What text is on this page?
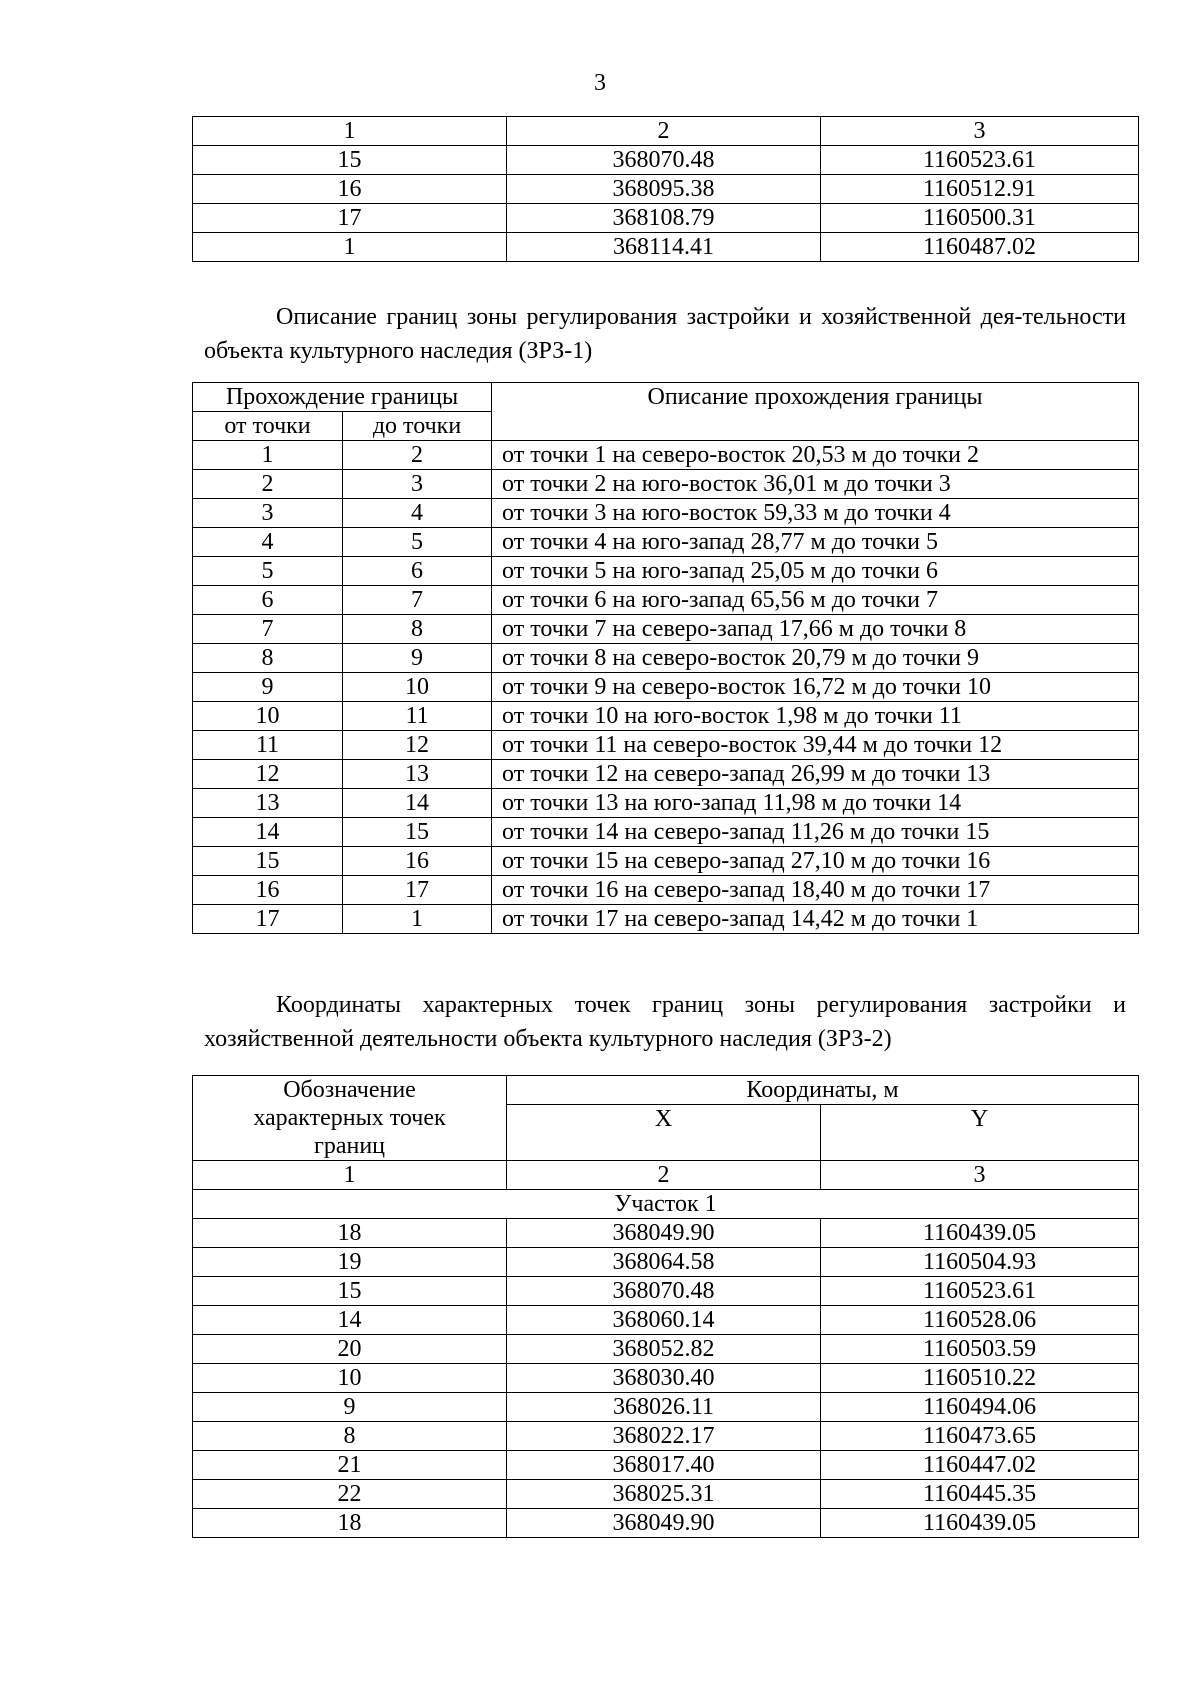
3
1	2	3
15	368070.48	1160523.61
16	368095.38	1160512.91
17	368108.79	1160500.31
1	368114.41	1160487.02
Описание границ зоны регулирования застройки и хозяйственной дея-тельности объекта культурного наследия (ЗРЗ-1)
Прохождение границы		Описание прохождения границы
от точки	до точки	
1	2	от точки 1 на северо-восток 20,53 м до точки 2
2	3	от точки 2 на юго-восток 36,01 м до точки 3
3	4	от точки 3 на юго-восток 59,33 м до точки 4
4	5	от точки 4 на юго-запад 28,77 м до точки 5
5	6	от точки 5 на юго-запад 25,05 м до точки 6
6	7	от точки 6 на юго-запад 65,56 м до точки 7
7	8	от точки 7 на северо-запад 17,66 м до точки 8
8	9	от точки 8 на северо-восток 20,79 м до точки 9
9	10	от точки 9 на северо-восток 16,72 м до точки 10
10	11	от точки 10 на юго-восток 1,98 м до точки 11
11	12	от точки 11 на северо-восток 39,44 м до точки 12
12	13	от точки 12 на северо-запад 26,99 м до точки 13
13	14	от точки 13 на юго-запад 11,98 м до точки 14
14	15	от точки 14 на северо-запад 11,26 м до точки 15
15	16	от точки 15 на северо-запад 27,10 м до точки 16
16	17	от точки 16 на северо-запад 18,40 м до точки 17
17	1	от точки 17 на северо-запад 14,42 м до точки 1
Координаты характерных точек границ зоны регулирования застройки и хозяйственной деятельности объекта культурного наследия (ЗРЗ-2)
Обозначение характерных точек границ	Координаты, м	
	X	Y

1	2	3
Участок 1		
18	368049.90	1160439.05
19	368064.58	1160504.93
15	368070.48	1160523.61
14	368060.14	1160528.06
20	368052.82	1160503.59
10	368030.40	1160510.22
9	368026.11	1160494.06
8	368022.17	1160473.65
21	368017.40	1160447.02
22	368025.31	1160445.35
18	368049.90	1160439.05
